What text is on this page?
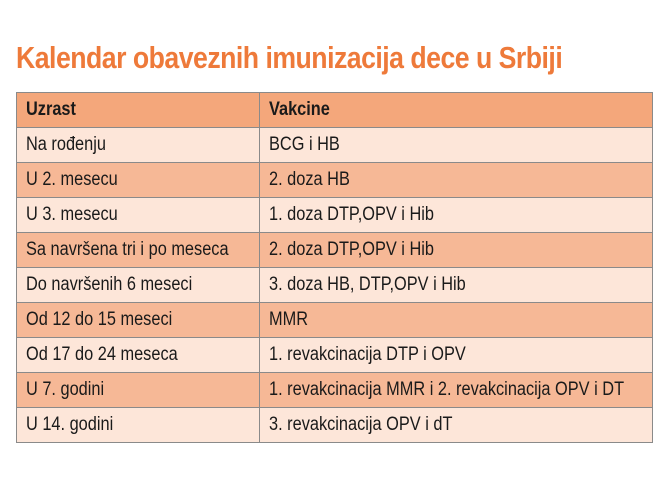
Kalendar obaveznih imunizacija dece u Srbiji
Uzrast	Vakcine
Na rođenju	BCG i HB
U 2. mesecu	2. doza HB
U 3. mesecu	1. doza DTP,OPV i Hib
Sa navršena tri i po meseca	2. doza DTP,OPV i Hib
Do navršenih 6 meseci	3. doza HB, DTP,OPV i Hib
Od 12 do 15 meseci	MMR
Od 17 do 24 meseca	1. revakcinacija DTP i OPV
U 7. godini	1. revakcinacija MMR i 2. revakcinacija OPV i DT
U 14. godini	3. revakcinacija OPV i dT
